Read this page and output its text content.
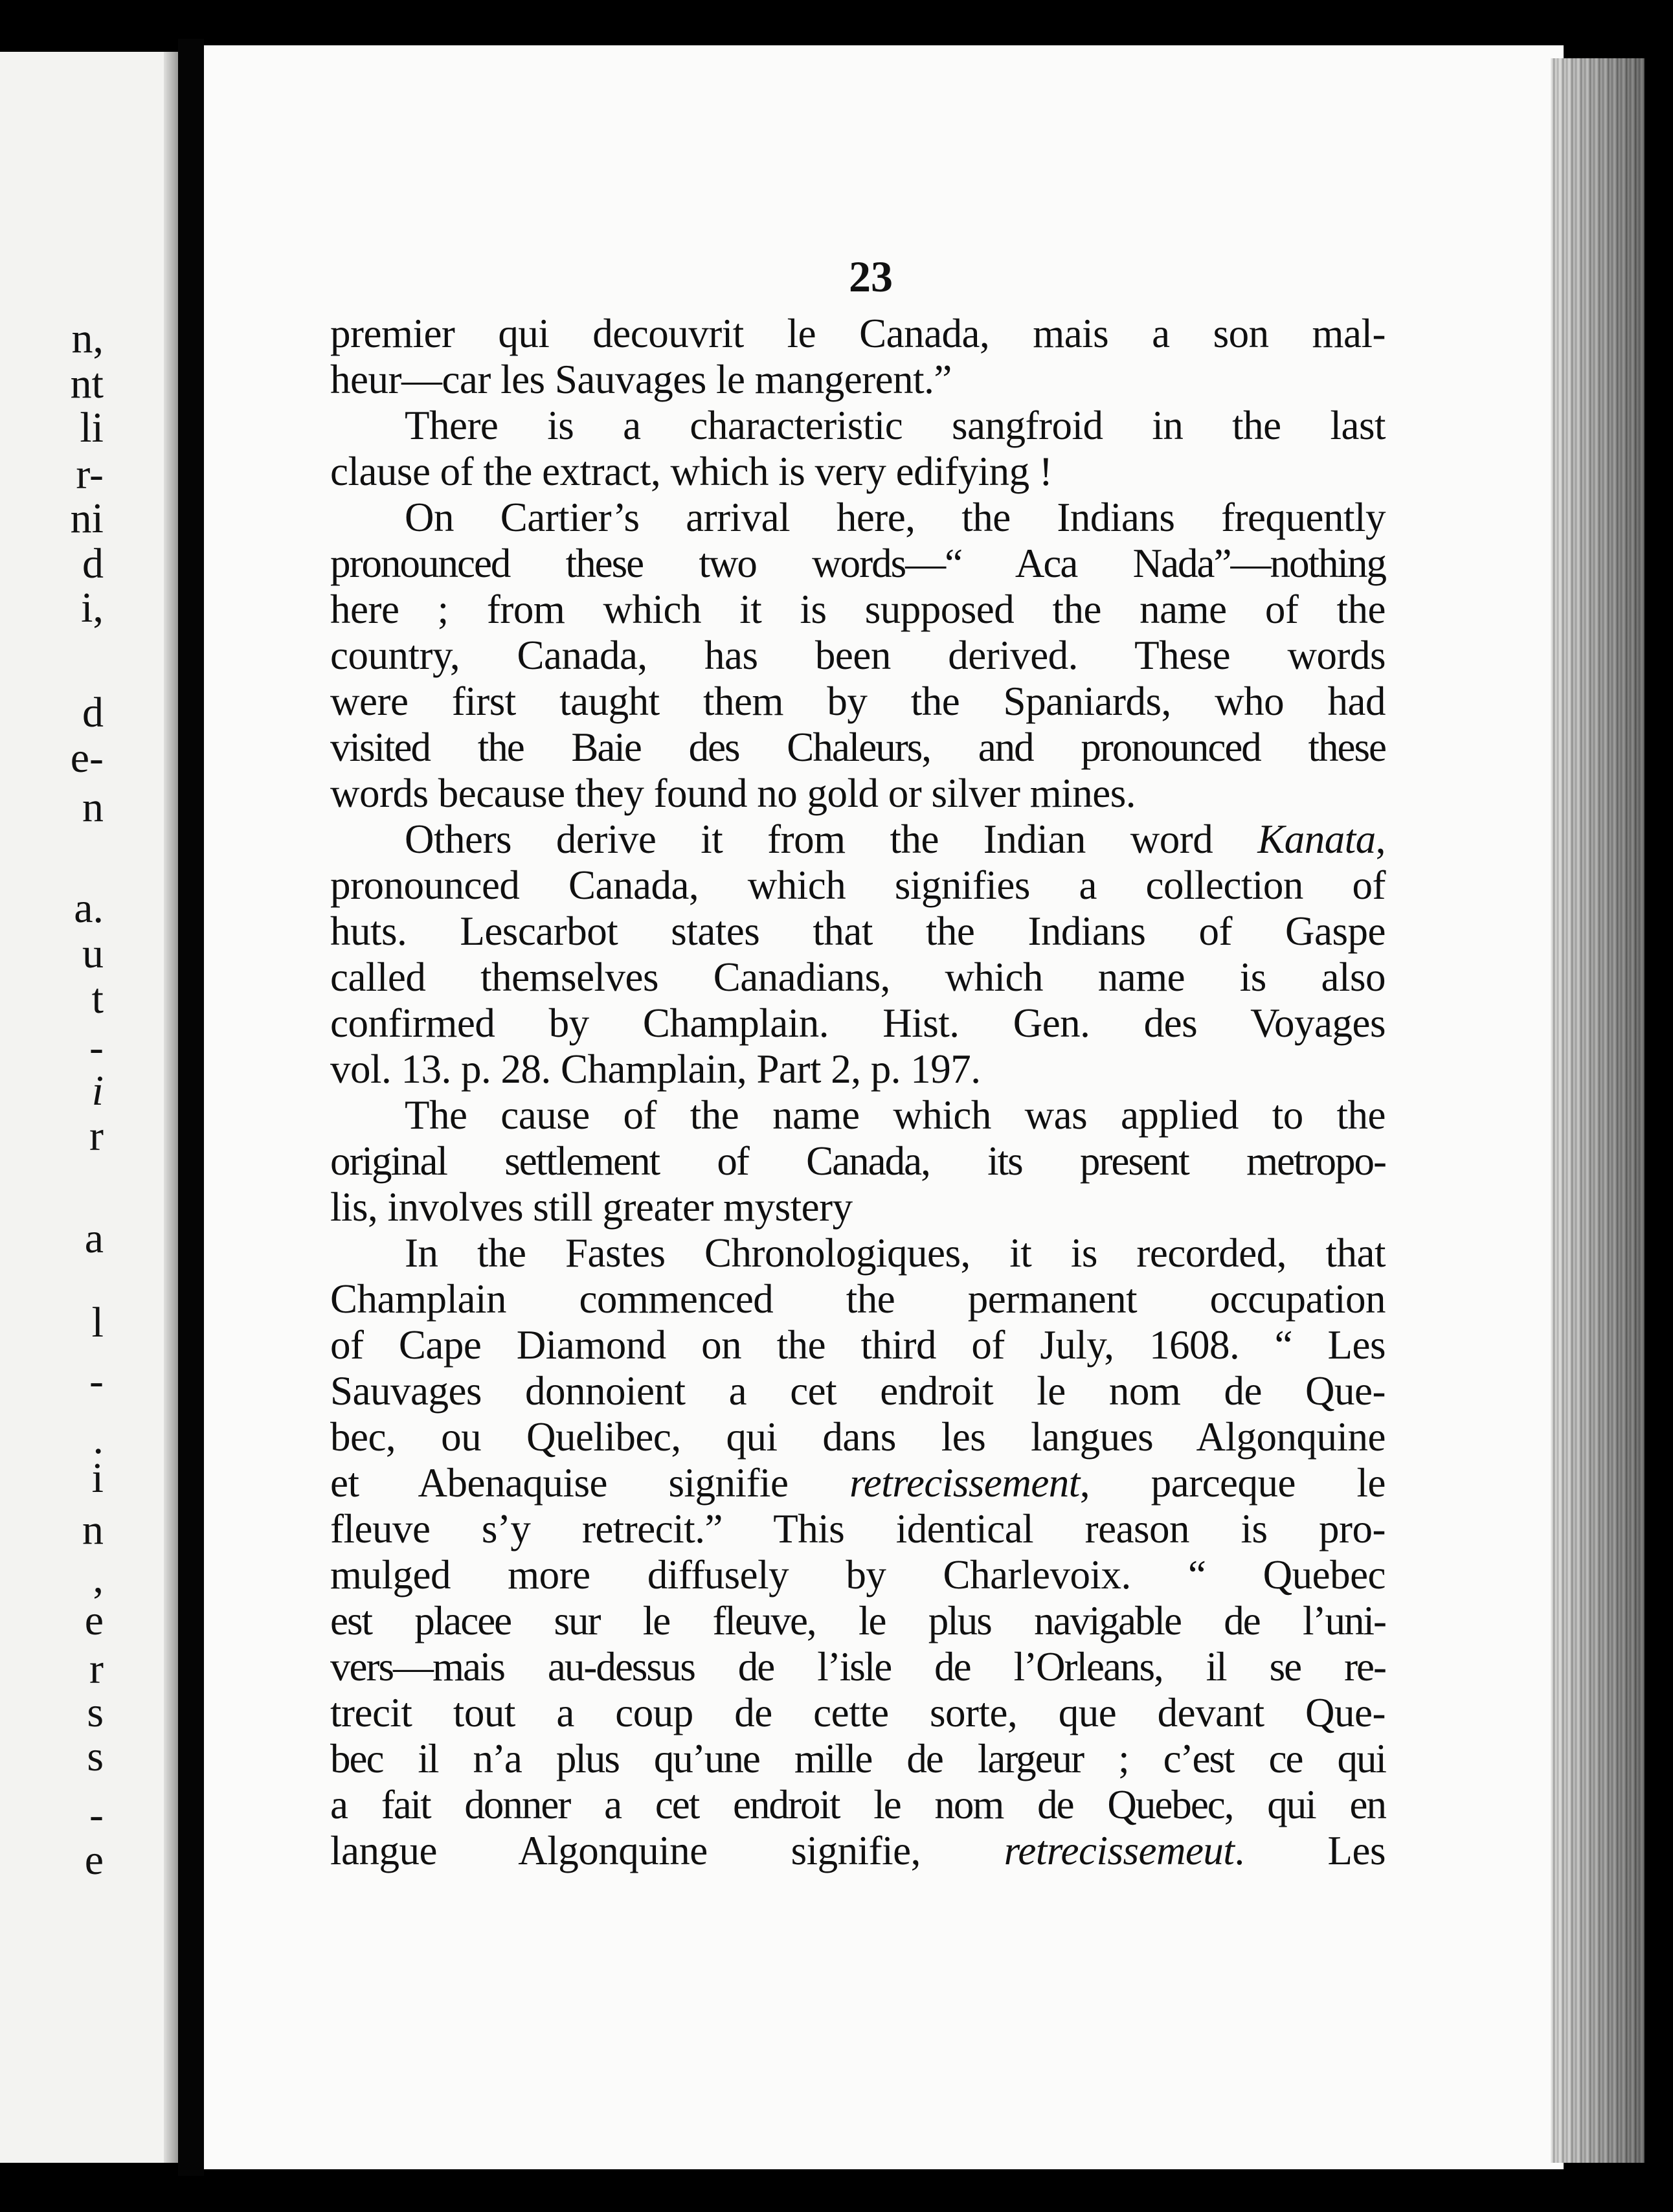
n,
nt
li
r-
ni
d
i,
d
e-
n
a.
u
t
-
i
r
a
l
-
.
i
n
,
e
r
s
s
-
e
23
premier qui decouvrit le Canada, mais a son mal-
heur—car les Sauvages le mangerent.”
There is a characteristic sangfroid in the last
clause of the extract, which is very edifying !
On Cartier’s arrival here, the Indians frequently
pronounced these two words—“ Aca Nada”—nothing
here ; from which it is supposed the name of the
country, Canada, has been derived. These words
were first taught them by the Spaniards, who had
visited the Baie des Chaleurs, and pronounced these
words because they found no gold or silver mines.
Others derive it from the Indian word Kanata,
pronounced Canada, which signifies a collection of
huts. Lescarbot states that the Indians of Gaspe
called themselves Canadians, which name is also
confirmed by Champlain. Hist. Gen. des Voyages
vol. 13. p. 28. Champlain, Part 2, p. 197.
The cause of the name which was applied to the
original settlement of Canada, its present metropo-
lis, involves still greater mystery
In the Fastes Chronologiques, it is recorded, that
Champlain commenced the permanent occupation
of Cape Diamond on the third of July, 1608. “ Les
Sauvages donnoient a cet endroit le nom de Que-
bec, ou Quelibec, qui dans les langues Algonquine
et Abenaquise signifie retrecissement, parceque le
fleuve s’y retrecit.” This identical reason is pro-
mulged more diffusely by Charlevoix. “ Quebec
est placee sur le fleuve, le plus navigable de l’uni-
vers—mais au-dessus de l’isle de l’Orleans, il se re-
trecit tout a coup de cette sorte, que devant Que-
bec il n’a plus qu’une mille de largeur ; c’est ce qui
a fait donner a cet endroit le nom de Quebec, qui en
langue Algonquine signifie, retrecissemeut. Les
